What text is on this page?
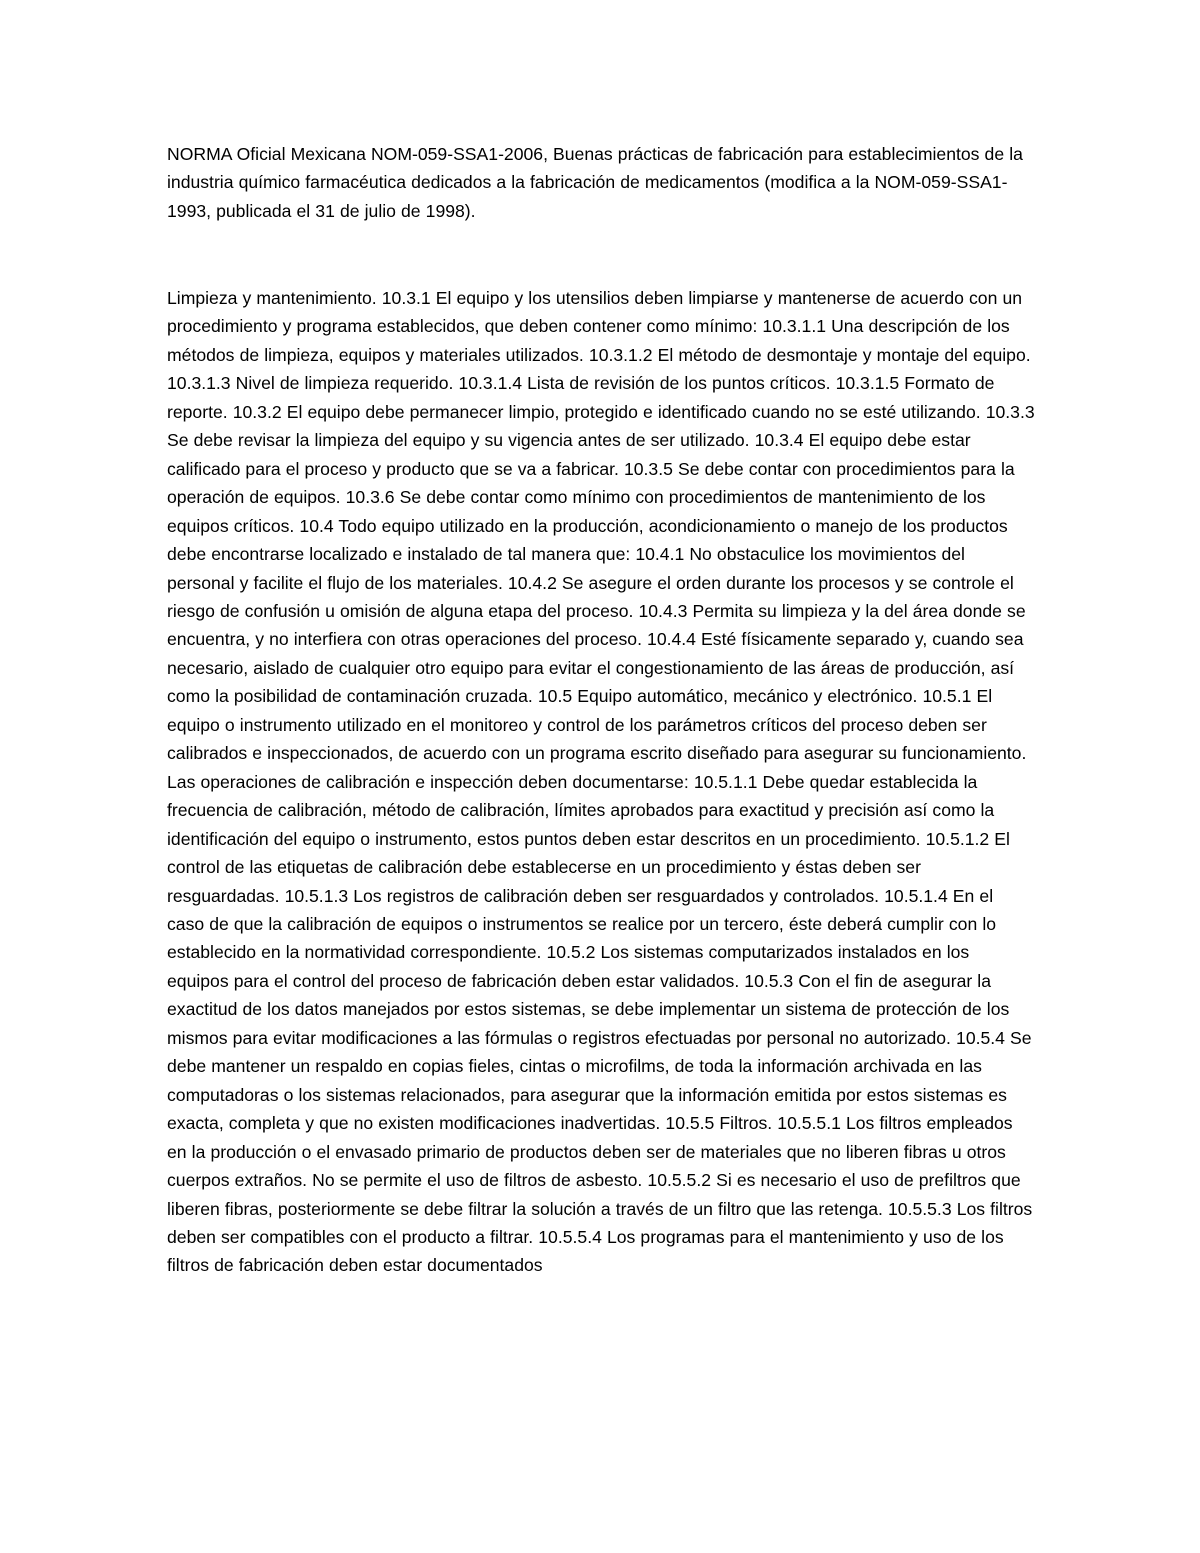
NORMA Oficial Mexicana NOM-059-SSA1-2006, Buenas prácticas de fabricación para establecimientos de la industria químico farmacéutica dedicados a la fabricación de medicamentos (modifica a la NOM-059-SSA1-1993, publicada el 31 de julio de 1998).

Limpieza y mantenimiento. 10.3.1 El equipo y los utensilios deben limpiarse y mantenerse de acuerdo con un procedimiento y programa establecidos, que deben contener como mínimo: 10.3.1.1 Una descripción de los métodos de limpieza, equipos y materiales utilizados. 10.3.1.2 El método de desmontaje y montaje del equipo. 10.3.1.3 Nivel de limpieza requerido. 10.3.1.4 Lista de revisión de los puntos críticos. 10.3.1.5 Formato de reporte. 10.3.2 El equipo debe permanecer limpio, protegido e identificado cuando no se esté utilizando. 10.3.3 Se debe revisar la limpieza del equipo y su vigencia antes de ser utilizado. 10.3.4 El equipo debe estar calificado para el proceso y producto que se va a fabricar. 10.3.5 Se debe contar con procedimientos para la operación de equipos. 10.3.6 Se debe contar como mínimo con procedimientos de mantenimiento de los equipos críticos. 10.4 Todo equipo utilizado en la producción, acondicionamiento o manejo de los productos debe encontrarse localizado e instalado de tal manera que: 10.4.1 No obstaculice los movimientos del personal y facilite el flujo de los materiales. 10.4.2 Se asegure el orden durante los procesos y se controle el riesgo de confusión u omisión de alguna etapa del proceso. 10.4.3 Permita su limpieza y la del área donde se encuentra, y no interfiera con otras operaciones del proceso. 10.4.4 Esté físicamente separado y, cuando sea necesario, aislado de cualquier otro equipo para evitar el congestionamiento de las áreas de producción, así como la posibilidad de contaminación cruzada. 10.5 Equipo automático, mecánico y electrónico. 10.5.1 El equipo o instrumento utilizado en el monitoreo y control de los parámetros críticos del proceso deben ser calibrados e inspeccionados, de acuerdo con un programa escrito diseñado para asegurar su funcionamiento. Las operaciones de calibración e inspección deben documentarse: 10.5.1.1 Debe quedar establecida la frecuencia de calibración, método de calibración, límites aprobados para exactitud y precisión así como la identificación del equipo o instrumento, estos puntos deben estar descritos en un procedimiento. 10.5.1.2 El control de las etiquetas de calibración debe establecerse en un procedimiento y éstas deben ser resguardadas. 10.5.1.3 Los registros de calibración deben ser resguardados y controlados. 10.5.1.4 En el caso de que la calibración de equipos o instrumentos se realice por un tercero, éste deberá cumplir con lo establecido en la normatividad correspondiente. 10.5.2 Los sistemas computarizados instalados en los equipos para el control del proceso de fabricación deben estar validados. 10.5.3 Con el fin de asegurar la exactitud de los datos manejados por estos sistemas, se debe implementar un sistema de protección de los mismos para evitar modificaciones a las fórmulas o registros efectuadas por personal no autorizado. 10.5.4 Se debe mantener un respaldo en copias fieles, cintas o microfilms, de toda la información archivada en las computadoras o los sistemas relacionados, para asegurar que la información emitida por estos sistemas es exacta, completa y que no existen modificaciones inadvertidas. 10.5.5 Filtros. 10.5.5.1 Los filtros empleados en la producción o el envasado primario de productos deben ser de materiales que no liberen fibras u otros cuerpos extraños. No se permite el uso de filtros de asbesto. 10.5.5.2 Si es necesario el uso de prefiltros que liberen fibras, posteriormente se debe filtrar la solución a través de un filtro que las retenga. 10.5.5.3 Los filtros deben ser compatibles con el producto a filtrar. 10.5.5.4 Los programas para el mantenimiento y uso de los filtros de fabricación deben estar documentados
